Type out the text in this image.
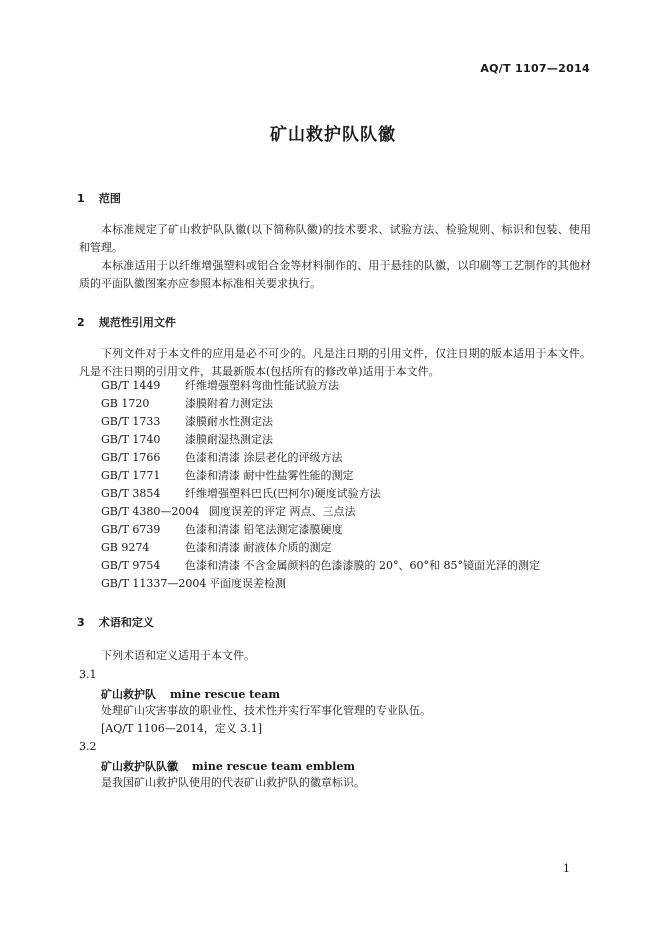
AQ/T 1107—2014
矿山救护队队徽
1 范围
本标准规定了矿山救护队队徽(以下简称队徽)的技术要求、试验方法、检验规则、标识和包装、使用和管理。
本标准适用于以纤维增强塑料或铝合金等材料制作的、用于悬挂的队徽，以印刷等工艺制作的其他材质的平面队徽图案亦应参照本标准相关要求执行。
2 规范性引用文件
下列文件对于本文件的应用是必不可少的。凡是注日期的引用文件，仅注日期的版本适用于本文件。凡是不注日期的引用文件，其最新版本(包括所有的修改单)适用于本文件。
GB/T 1449 纤维增强塑料弯曲性能试验方法
GB 1720	漆膜附着力测定法
GB/T 1733 漆膜耐水性测定法
GB/T 1740 漆膜耐湿热测定法
GB/T 1766 色漆和清漆 涂层老化的评级方法
GB/T 1771 色漆和清漆 耐中性盐雾性能的测定
GB/T 3854 纤维增强塑料巴氏(巴柯尔)硬度试验方法
GB/T 4380—2004 圆度误差的评定 两点、三点法
GB/T 6739 色漆和清漆 铅笔法测定漆膜硬度
GB 9274	色漆和清漆 耐液体介质的测定
GB/T 9754 色漆和清漆 不含金属颜料的色漆漆膜的 20°、60°和 85°镜面光泽的测定
GB/T 11337—2004 平面度误差检测
3 术语和定义
下列术语和定义适用于本文件。
3.1
矿山救护队 mine rescue team
处理矿山灾害事故的职业性、技术性并实行军事化管理的专业队伍。
[AQ/T 1106—2014，定义 3.1]
3.2
矿山救护队队徽 mine rescue team emblem
是我国矿山救护队使用的代表矿山救护队的徽章标识。
1
